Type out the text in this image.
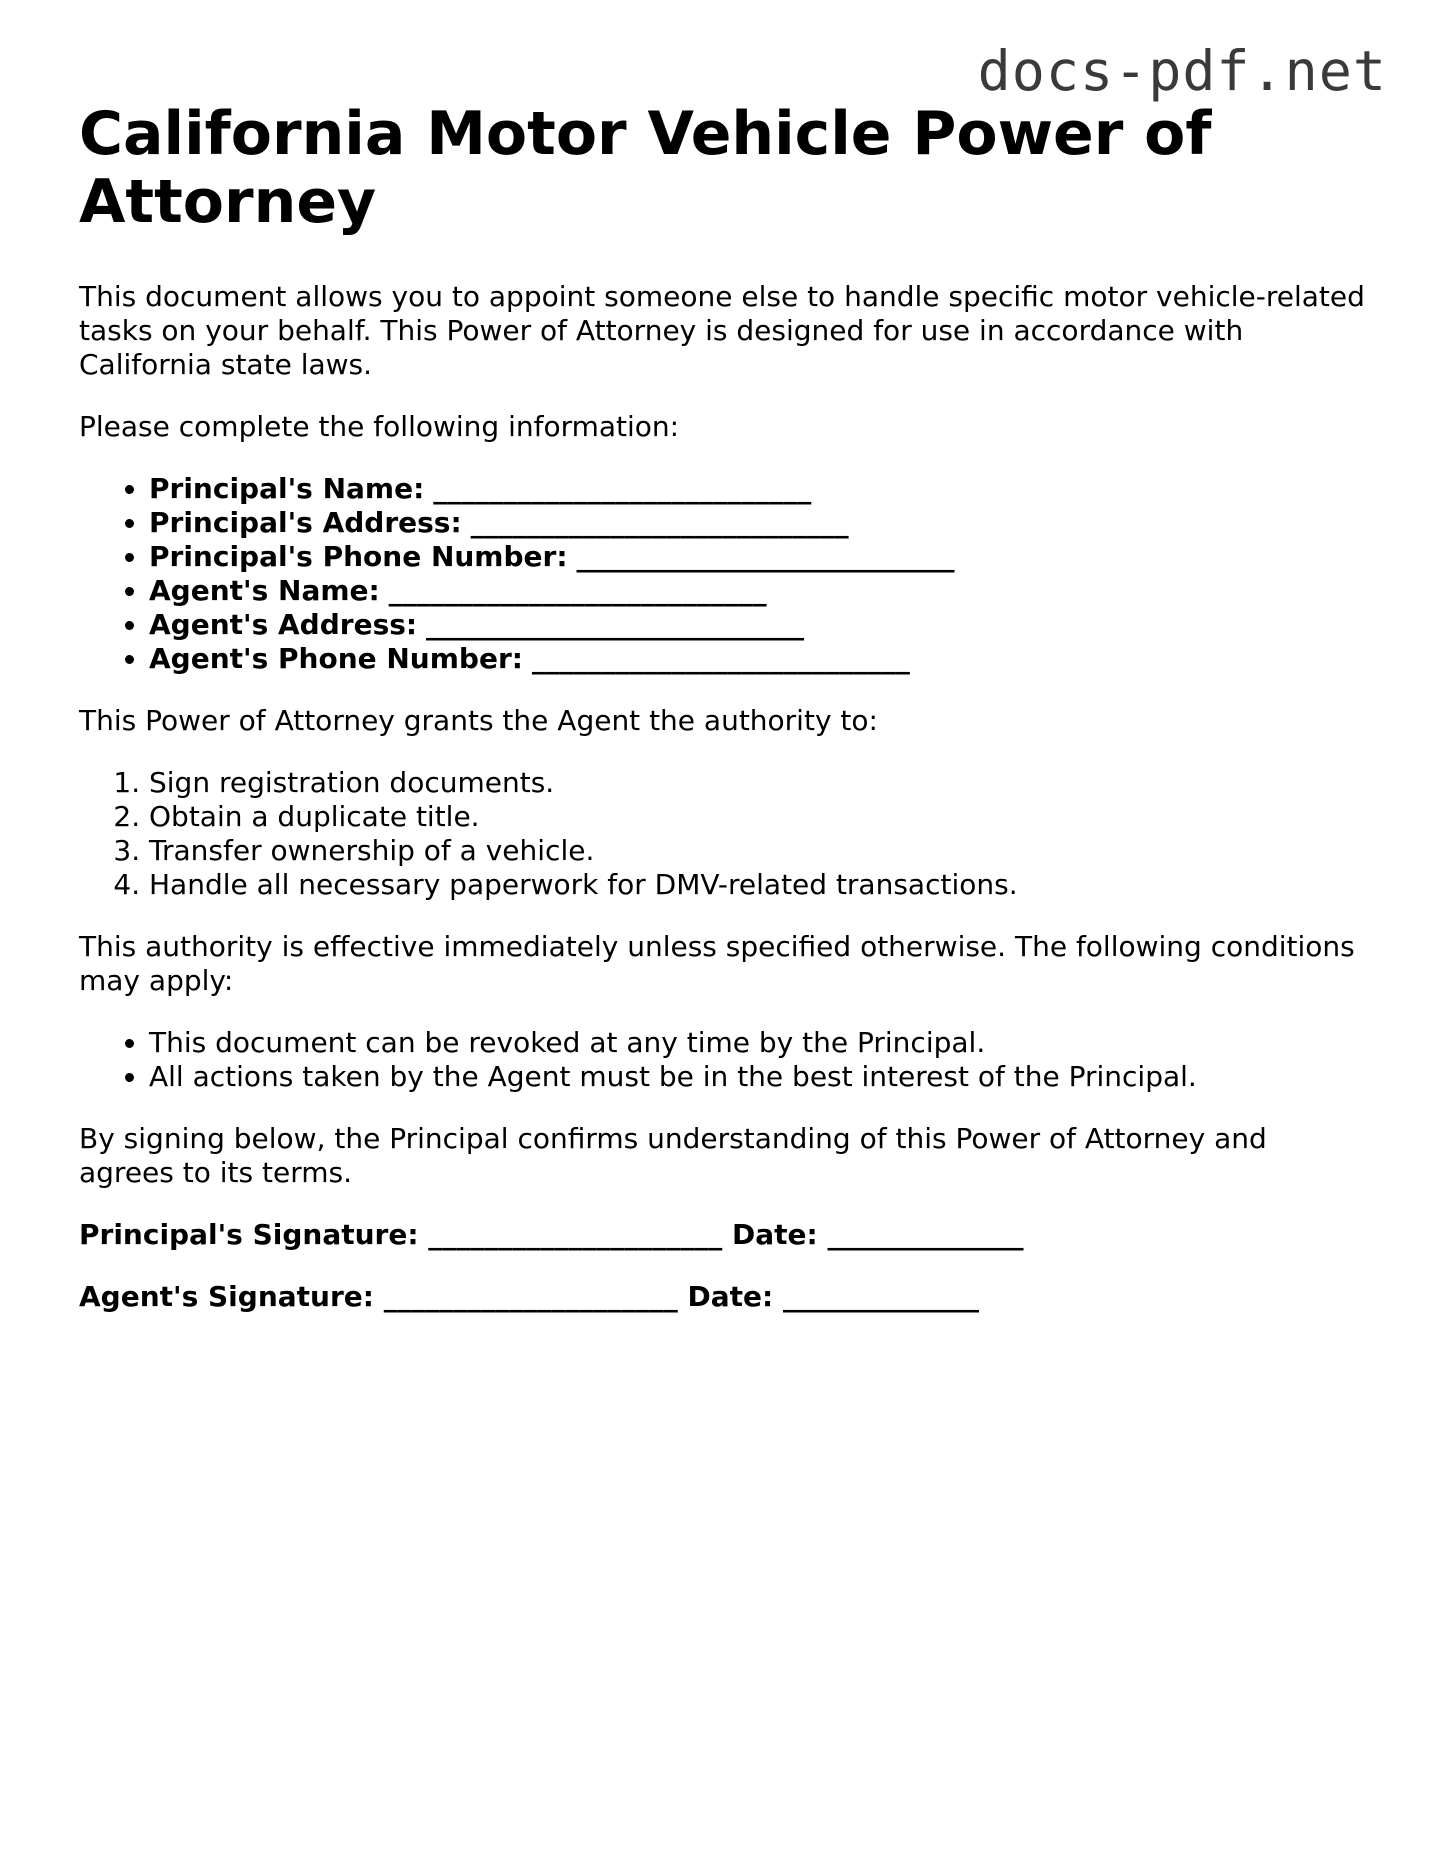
docs-pdf.net
California Motor Vehicle Power of Attorney

This document allows you to appoint someone else to handle specific motor vehicle-related tasks on your behalf. This Power of Attorney is designed for use in accordance with California state laws.

Please complete the following information:

• Principal's Name: ___________________________
• Principal's Address: ___________________________
• Principal's Phone Number: ___________________________
• Agent's Name: ___________________________
• Agent's Address: ___________________________
• Agent's Phone Number: ___________________________

This Power of Attorney grants the Agent the authority to:

1. Sign registration documents.
2. Obtain a duplicate title.
3. Transfer ownership of a vehicle.
4. Handle all necessary paperwork for DMV-related transactions.

This authority is effective immediately unless specified otherwise. The following conditions may apply:

• This document can be revoked at any time by the Principal.
• All actions taken by the Agent must be in the best interest of the Principal.

By signing below, the Principal confirms understanding of this Power of Attorney and agrees to its terms.

Principal's Signature: _____________________ Date: ______________
Agent's Signature: _____________________ Date: ______________
